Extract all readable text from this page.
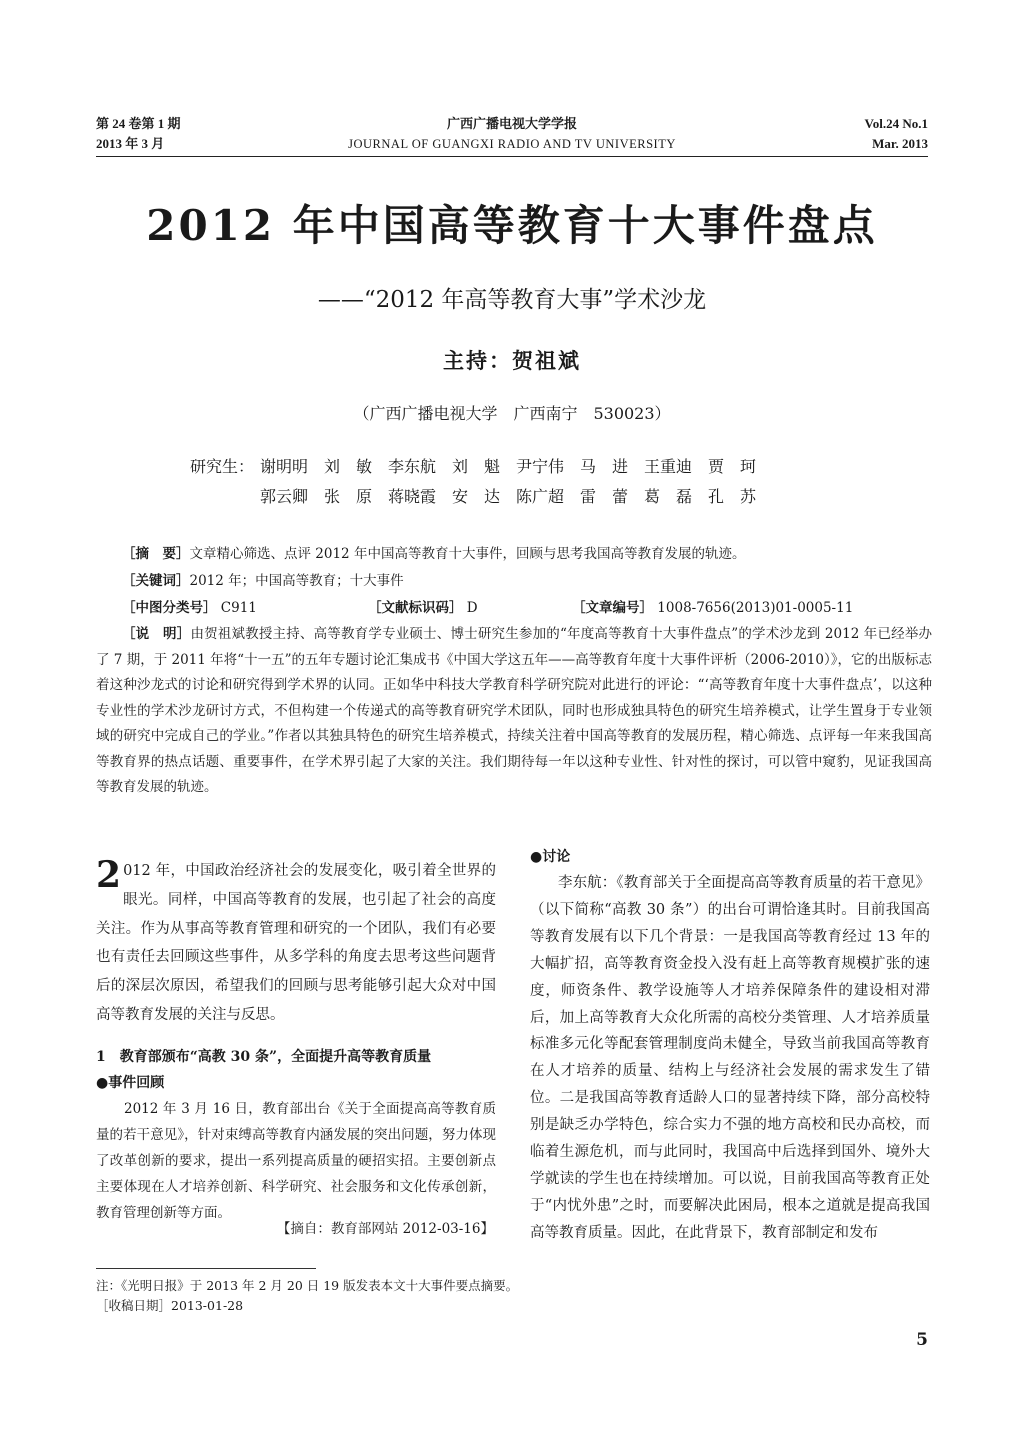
第 24 卷第 1 期
2013 年 3 月
广西广播电视大学学报
JOURNAL OF GUANGXI RADIO AND TV UNIVERSITY
Vol.24 No.1
Mar. 2013
2012 年中国高等教育十大事件盘点
——“2012 年高等教育大事”学术沙龙
主持：贺祖斌
（广西广播电视大学　广西南宁　530023）
研究生： 谢明明　刘　敏　李东航　刘　魁　尹宁伟　马　进　王重迪　贾　珂
郭云卿　张　原　蒋晓霞　安　达　陈广超　雷　蕾　葛　磊　孔　苏
［摘　要］文章精心筛选、点评 2012 年中国高等教育十大事件，回顾与思考我国高等教育发展的轨迹。
［关键词］2012 年；中国高等教育；十大事件
［中图分类号］ C911	［文献标识码］ D	［文章编号］ 1008-7656(2013)01-0005-11
［说　明］由贺祖斌教授主持、高等教育学专业硕士、博士研究生参加的“年度高等教育十大事件盘点”的学术沙龙到 2012 年已经举办了 7 期，于 2011 年将“十一五”的五年专题讨论汇集成书《中国大学这五年——高等教育年度十大事件评析（2006-2010）》，它的出版标志着这种沙龙式的讨论和研究得到学术界的认同。正如华中科技大学教育科学研究院对此进行的评论：“‘高等教育年度十大事件盘点’，以这种专业性的学术沙龙研讨方式，不但构建一个传递式的高等教育研究学术团队，同时也形成独具特色的研究生培养模式，让学生置身于专业领域的研究中完成自己的学业。”作者以其独具特色的研究生培养模式，持续关注着中国高等教育的发展历程，精心筛选、点评每一年来我国高等教育界的热点话题、重要事件，在学术界引起了大家的关注。我们期待每一年以这种专业性、针对性的探讨，可以管中窥豹，见证我国高等教育发展的轨迹。
2 012 年，中国政治经济社会的发展变化，吸引着全世界的眼光。同样，中国高等教育的发展，也引起了社会的高度关注。作为从事高等教育管理和研究的一个团队，我们有必要也有责任去回顾这些事件，从多学科的角度去思考这些问题背后的深层次原因，希望我们的回顾与思考能够引起大众对中国高等教育发展的关注与反思。
1　教育部颁布“高教 30 条”，全面提升高等教育质量
●事件回顾
2012 年 3 月 16 日，教育部出台《关于全面提高高等教育质量的若干意见》，针对束缚高等教育内涵发展的突出问题，努力体现了改革创新的要求，提出一系列提高质量的硬招实招。主要创新点主要体现在人才培养创新、科学研究、社会服务和文化传承创新，教育管理创新等方面。
【摘自：教育部网站 2012-03-16】
●讨论
李东航：《教育部关于全面提高高等教育质量的若干意见》（以下简称“高教 30 条”）的出台可谓恰逢其时。目前我国高等教育发展有以下几个背景：一是我国高等教育经过 13 年的大幅扩招，高等教育资金投入没有赶上高等教育规模扩张的速度，师资条件、教学设施等人才培养保障条件的建设相对滞后，加上高等教育大众化所需的高校分类管理、人才培养质量标准多元化等配套管理制度尚未健全，导致当前我国高等教育在人才培养的质量、结构上与经济社会发展的需求发生了错位。二是我国高等教育适龄人口的显著持续下降，部分高校特别是缺乏办学特色，综合实力不强的地方高校和民办高校，而临着生源危机，而与此同时，我国高中后选择到国外、境外大学就读的学生也在持续增加。可以说，目前我国高等教育正处于“内忧外患”之时，而要解决此困局，根本之道就是提高我国高等教育质量。因此，在此背景下，教育部制定和发布
注：《光明日报》于 2013 年 2 月 20 日 19 版发表本文十大事件要点摘要。
［收稿日期］2013-01-28
5
